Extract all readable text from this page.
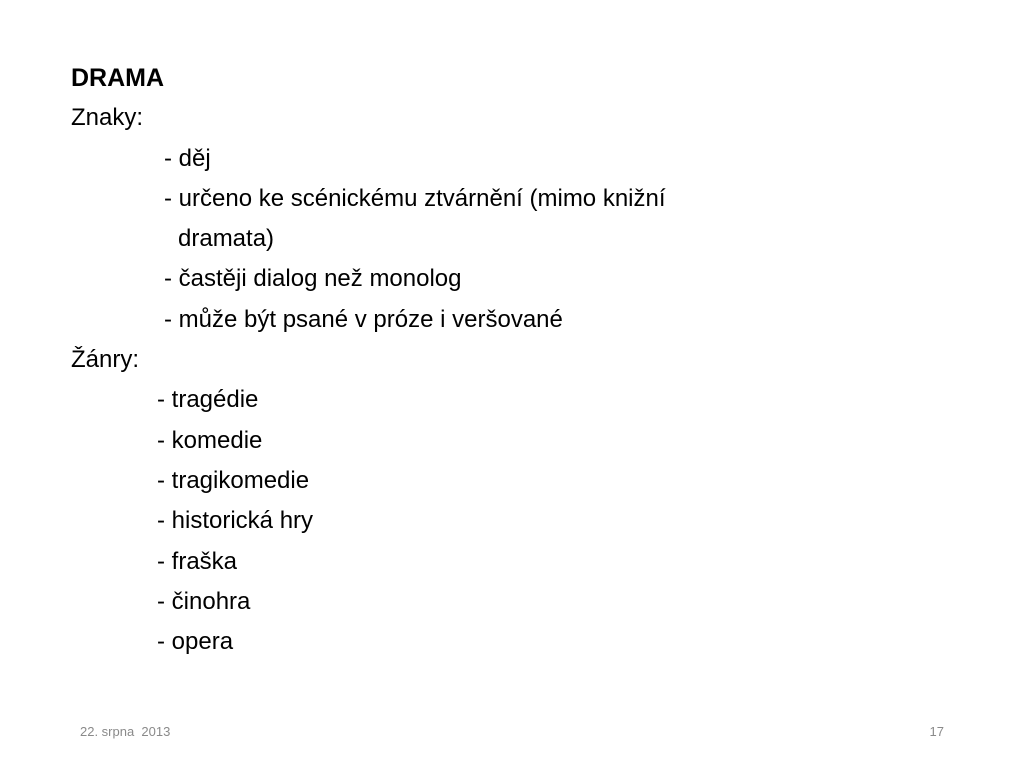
DRAMA
Znaky:
- děj
- určeno ke scénickému ztvárnění (mimo knižní
dramata)
- častěji dialog než monolog
- může být psané v próze i veršované
Žánry:
- tragédie
- komedie
- tragikomedie
- historická hry
- fraška
- činohra
- opera
22. srpna  2013	17
